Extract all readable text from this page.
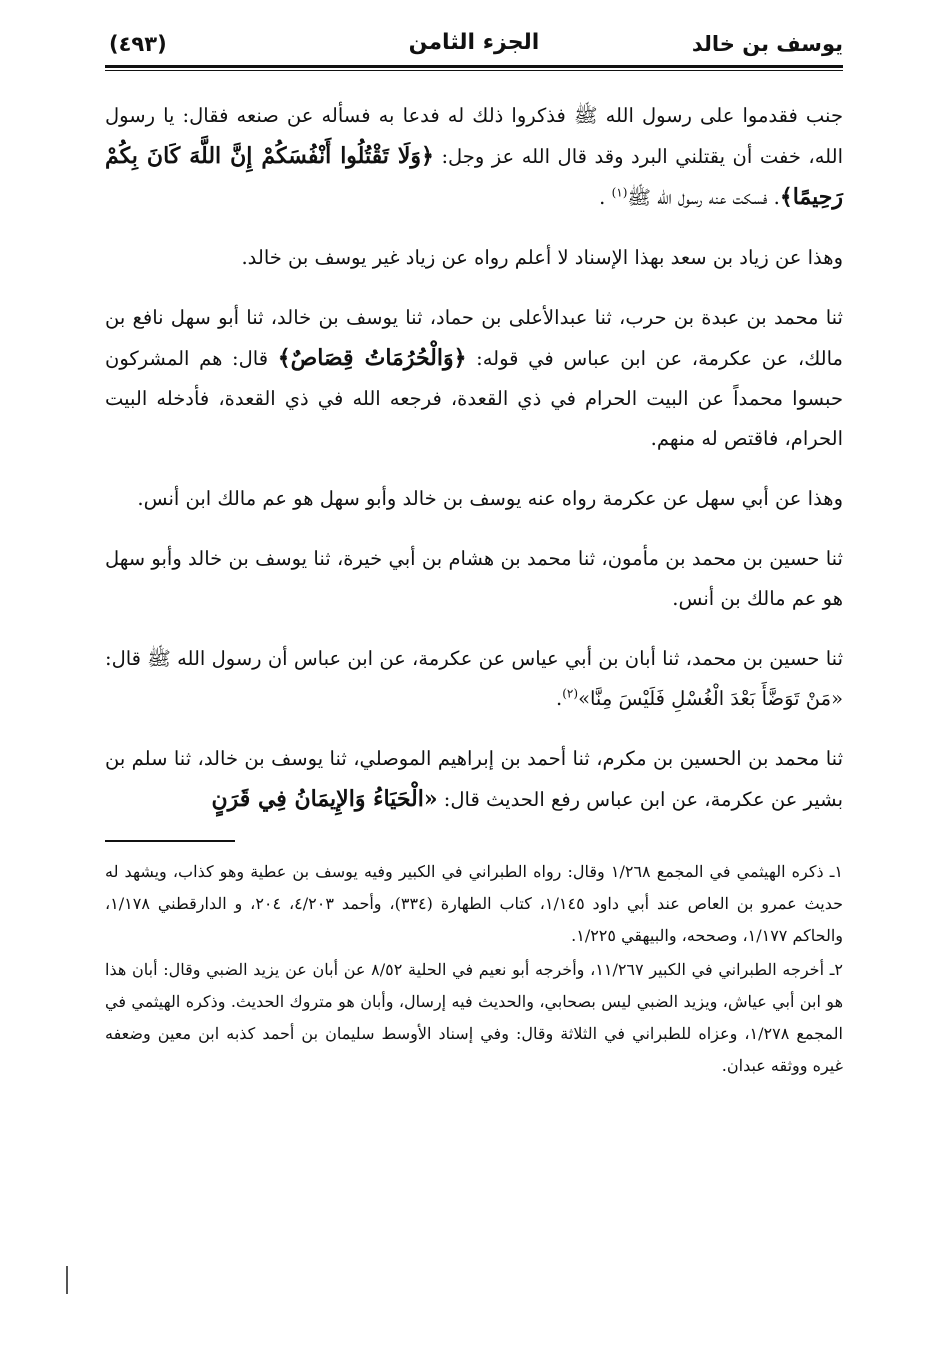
يوسف بن خالد
الجزء الثامن
(٤٩٣)

جنب فقدموا على رسول الله ﷺ فذكروا ذلك له فدعا به فسأله عن صنعه فقال: يا رسول الله، خفت أن يقتلني البرد وقد قال الله عز وجل: ﴿وَلَا تَقْتُلُوا أَنْفُسَكُمْ إِنَّ اللَّهَ كَانَ بِكُمْ رَحِيمًا﴾. فسكت عنه رسول الله ﷺ$^{(١)}$ .

وهذا عن زياد بن سعد بهذا الإسناد لا أعلم رواه عن زياد غير يوسف بن خالد.

ثنا محمد بن عبدة بن حرب، ثنا عبدالأعلى بن حماد، ثنا يوسف بن خالد، ثنا أبو سهل نافع بن مالك، عن عكرمة، عن ابن عباس في قوله: ﴿وَالْحُرُمَاتُ قِصَاصٌ﴾ قال: هم المشركون حبسوا محمداً عن البيت الحرام في ذي القعدة، فرجعه الله في ذي القعدة، فأدخله البيت الحرام، فاقتص له منهم.

وهذا عن أبي سهل عن عكرمة رواه عنه يوسف بن خالد وأبو سهل هو عم مالك ابن أنس.

ثنا حسين بن محمد بن مأمون، ثنا محمد بن هشام بن أبي خيرة، ثنا يوسف بن خالد وأبو سهل هو عم مالك بن أنس.

ثنا حسين بن محمد، ثنا أبان بن أبي عياس عن عكرمة، عن ابن عباس أن رسول الله ﷺ قال: «مَنْ تَوَضَّأَ بَعْدَ الْغُسْلِ فَلَيْسَ مِنَّا»$^{(٢)}$.

ثنا محمد بن الحسين بن مكرم، ثنا أحمد بن إبراهيم الموصلي، ثنا يوسف بن خالد، ثنا سلم بن بشير عن عكرمة، عن ابن عباس رفع الحديث قال: «الْحَيَاءُ وَالإِيمَانُ فِي قَرَنٍ

١ـ ذكره الهيثمي في المجمع ١/٢٦٨ وقال: رواه الطبراني في الكبير وفيه يوسف بن عطية وهو كذاب، ويشهد له حديث عمرو بن العاص عند أبي داود ١/١٤٥، كتاب الطهارة (٣٣٤)، وأحمد ٤/٢٠٣، ٢٠٤، و الدارقطني ١/١٧٨، والحاكم ١/١٧٧، وصححه، والبيهقي ١/٢٢٥.

٢ـ أخرجه الطبراني في الكبير ١١/٢٦٧، وأخرجه أبو نعيم في الحلية ٨/٥٢ عن أبان عن يزيد الضبي وقال: أبان هذا هو ابن أبي عياش، ويزيد الضبي ليس بصحابي، والحديث فيه إرسال، وأبان هو متروك الحديث. وذكره الهيثمي في المجمع ١/٢٧٨، وعزاه للطبراني في الثلاثة وقال: وفي إسناد الأوسط سليمان بن أحمد كذبه ابن معين وضعفه غيره ووثقه عبدان.
